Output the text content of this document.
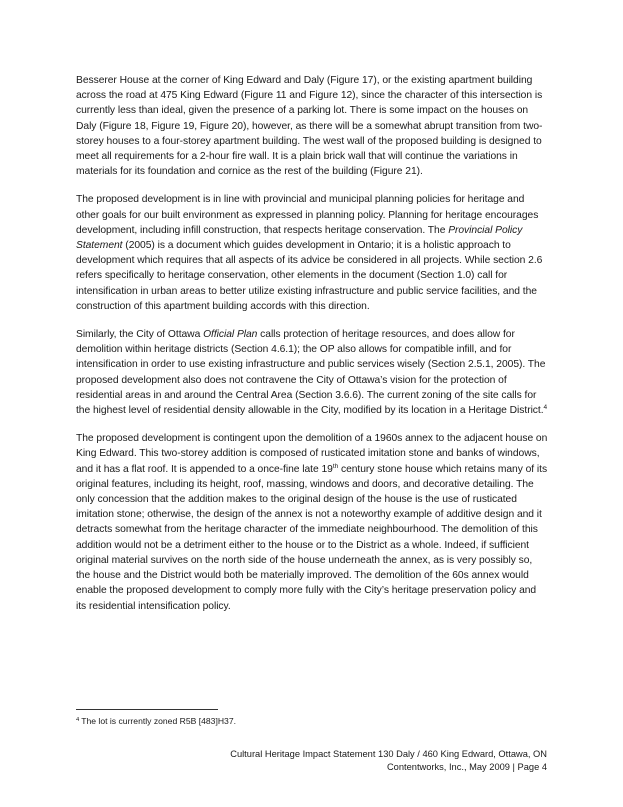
Besserer House at the corner of King Edward and Daly (Figure 17), or the existing apartment building across the road at 475 King Edward (Figure 11 and Figure 12), since the character of this intersection is currently less than ideal, given the presence of a parking lot. There is some impact on the houses on Daly (Figure 18, Figure 19, Figure 20), however, as there will be a somewhat abrupt transition from two-storey houses to a four-storey apartment building. The west wall of the proposed building is designed to meet all requirements for a 2-hour fire wall. It is a plain brick wall that will continue the variations in materials for its foundation and cornice as the rest of the building (Figure 21).

The proposed development is in line with provincial and municipal planning policies for heritage and other goals for our built environment as expressed in planning policy. Planning for heritage encourages development, including infill construction, that respects heritage conservation. The Provincial Policy Statement (2005) is a document which guides development in Ontario; it is a holistic approach to development which requires that all aspects of its advice be considered in all projects. While section 2.6 refers specifically to heritage conservation, other elements in the document (Section 1.0) call for intensification in urban areas to better utilize existing infrastructure and public service facilities, and the construction of this apartment building accords with this direction.

Similarly, the City of Ottawa Official Plan calls protection of heritage resources, and does allow for demolition within heritage districts (Section 4.6.1); the OP also allows for compatible infill, and for intensification in order to use existing infrastructure and public services wisely (Section 2.5.1, 2005). The proposed development also does not contravene the City of Ottawa’s vision for the protection of residential areas in and around the Central Area (Section 3.6.6). The current zoning of the site calls for the highest level of residential density allowable in the City, modified by its location in a Heritage District.$^4$

The proposed development is contingent upon the demolition of a 1960s annex to the adjacent house on King Edward. This two-storey addition is composed of rusticated imitation stone and banks of windows, and it has a flat roof. It is appended to a once-fine late 19th century stone house which retains many of its original features, including its height, roof, massing, windows and doors, and decorative detailing. The only concession that the addition makes to the original design of the house is the use of rusticated imitation stone; otherwise, the design of the annex is not a noteworthy example of additive design and it detracts somewhat from the heritage character of the immediate neighbourhood. The demolition of this addition would not be a detriment either to the house or to the District as a whole. Indeed, if sufficient original material survives on the north side of the house underneath the annex, as is very possibly so, the house and the District would both be materially improved. The demolition of the 60s annex would enable the proposed development to comply more fully with the City’s heritage preservation policy and its residential intensification policy.

$^4$ The lot is currently zoned R5B [483]H37.
Cultural Heritage Impact Statement 130 Daly / 460 King Edward, Ottawa, ON
Contentworks, Inc., May 2009 | Page 4
